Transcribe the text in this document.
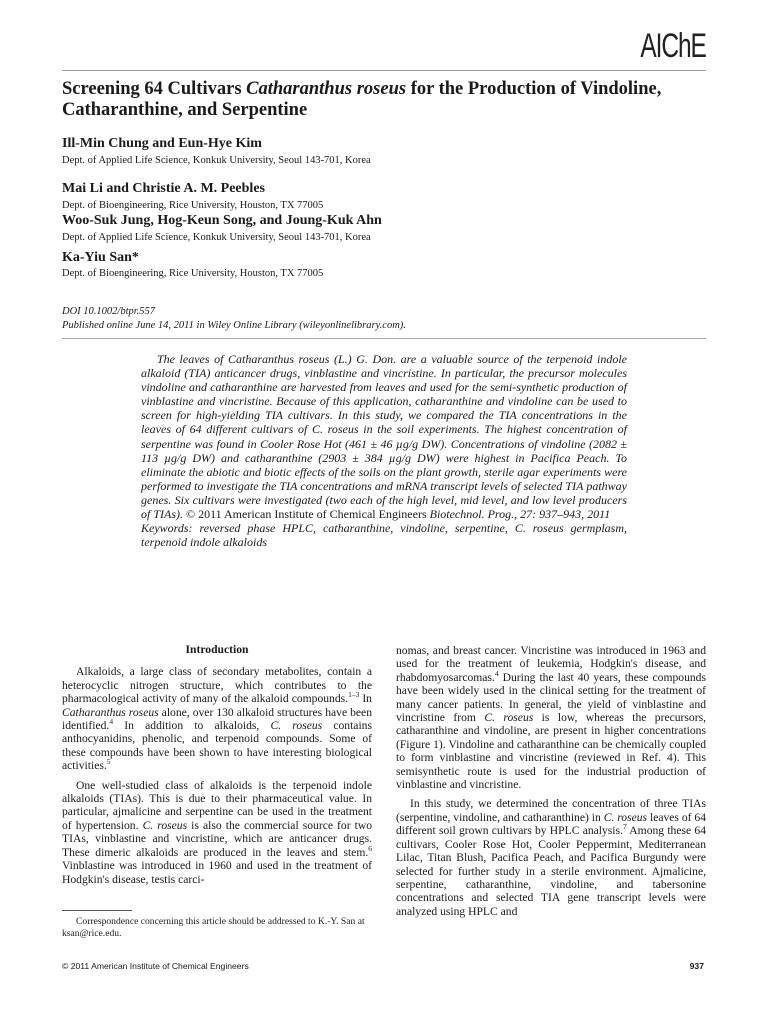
AIChE
Screening 64 Cultivars Catharanthus roseus for the Production of Vindoline, Catharanthine, and Serpentine
Ill-Min Chung and Eun-Hye Kim
Dept. of Applied Life Science, Konkuk University, Seoul 143-701, Korea
Mai Li and Christie A. M. Peebles
Dept. of Bioengineering, Rice University, Houston, TX 77005
Woo-Suk Jung, Hog-Keun Song, and Joung-Kuk Ahn
Dept. of Applied Life Science, Konkuk University, Seoul 143-701, Korea
Ka-Yiu San*
Dept. of Bioengineering, Rice University, Houston, TX 77005
DOI 10.1002/btpr.557
Published online June 14, 2011 in Wiley Online Library (wileyonlinelibrary.com).

The leaves of Catharanthus roseus (L.) G. Don. are a valuable source of the terpenoid indole alkaloid (TIA) anticancer drugs, vinblastine and vincristine. In particular, the precursor molecules vindoline and catharanthine are harvested from leaves and used for the semi-synthetic production of vinblastine and vincristine. Because of this application, catharanthine and vindoline can be used to screen for high-yielding TIA cultivars. In this study, we compared the TIA concentrations in the leaves of 64 different cultivars of C. roseus in the soil experiments. The highest concentration of serpentine was found in Cooler Rose Hot (461 ± 46 µg/g DW). Concentrations of vindoline (2082 ± 113 µg/g DW) and catharanthine (2903 ± 384 µg/g DW) were highest in Pacifica Peach. To eliminate the abiotic and biotic effects of the soils on the plant growth, sterile agar experiments were performed to investigate the TIA concentrations and mRNA transcript levels of selected TIA pathway genes. Six cultivars were investigated (two each of the high level, mid level, and low level producers of TIAs). © 2011 American Institute of Chemical Engineers Biotechnol. Prog., 27: 937–943, 2011

Keywords: reversed phase HPLC, catharanthine, vindoline, serpentine, C. roseus germplasm, terpenoid indole alkaloids

Introduction

Alkaloids, a large class of secondary metabolites, contain a heterocyclic nitrogen structure, which contributes to the pharmacological activity of many of the alkaloid compounds.$^{1-3}$ In Catharanthus roseus alone, over 130 alkaloid structures have been identified.$^4$ In addition to alkaloids, C. roseus contains anthocyanidins, phenolic, and terpenoid compounds. Some of these compounds have been shown to have interesting biological activities.$^5$

One well-studied class of alkaloids is the terpenoid indole alkaloids (TIAs). This is due to their pharmaceutical value. In particular, ajmalicine and serpentine can be used in the treatment of hypertension. C. roseus is also the commercial source for two TIAs, vinblastine and vincristine, which are anticancer drugs. These dimeric alkaloids are produced in the leaves and stem.$^6$ Vinblastine was introduced in 1960 and used in the treatment of Hodgkin's disease, testis carci-

nomas, and breast cancer. Vincristine was introduced in 1963 and used for the treatment of leukemia, Hodgkin's disease, and rhabdomyosarcomas.$^4$ During the last 40 years, these compounds have been widely used in the clinical setting for the treatment of many cancer patients. In general, the yield of vinblastine and vincristine from C. roseus is low, whereas the precursors, catharanthine and vindoline, are present in higher concentrations (Figure 1). Vindoline and catharanthine can be chemically coupled to form vinblastine and vincristine (reviewed in Ref. 4). This semisynthetic route is used for the industrial production of vinblastine and vincristine.

In this study, we determined the concentration of three TIAs (serpentine, vindoline, and catharanthine) in C. roseus leaves of 64 different soil grown cultivars by HPLC analysis.$^7$ Among these 64 cultivars, Cooler Rose Hot, Cooler Peppermint, Mediterranean Lilac, Titan Blush, Pacifica Peach, and Pacifica Burgundy were selected for further study in a sterile environment. Ajmalicine, serpentine, catharanthine, vindoline, and tabersonine concentrations and selected TIA gene transcript levels were analyzed using HPLC and

Correspondence concerning this article should be addressed to K.-Y. San at ksan@rice.edu.
© 2011 American Institute of Chemical Engineers	937
